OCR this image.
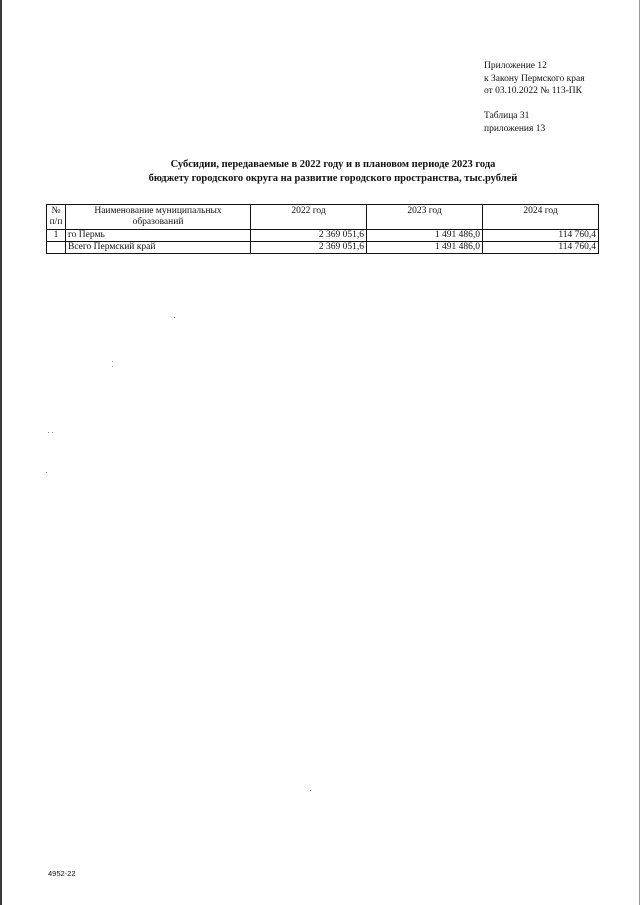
Приложение 12
к Закону Пермского края
от 03.10.2022 № 113-ПК
Таблица 31
приложения 13
Субсидии, передаваемые в 2022 году и в плановом периоде 2023 года
бюджету городского округа на развитие городского пространства, тыс.рублей
№ п/п	Наименование муниципальных образований	2022 год	2023 год	2024 год
1	го Пермь	2 369 051,6	1 491 486,0	114 760,4
	Всего Пермский край	2 369 051,6	1 491 486,0	114 760,4
4952-22
